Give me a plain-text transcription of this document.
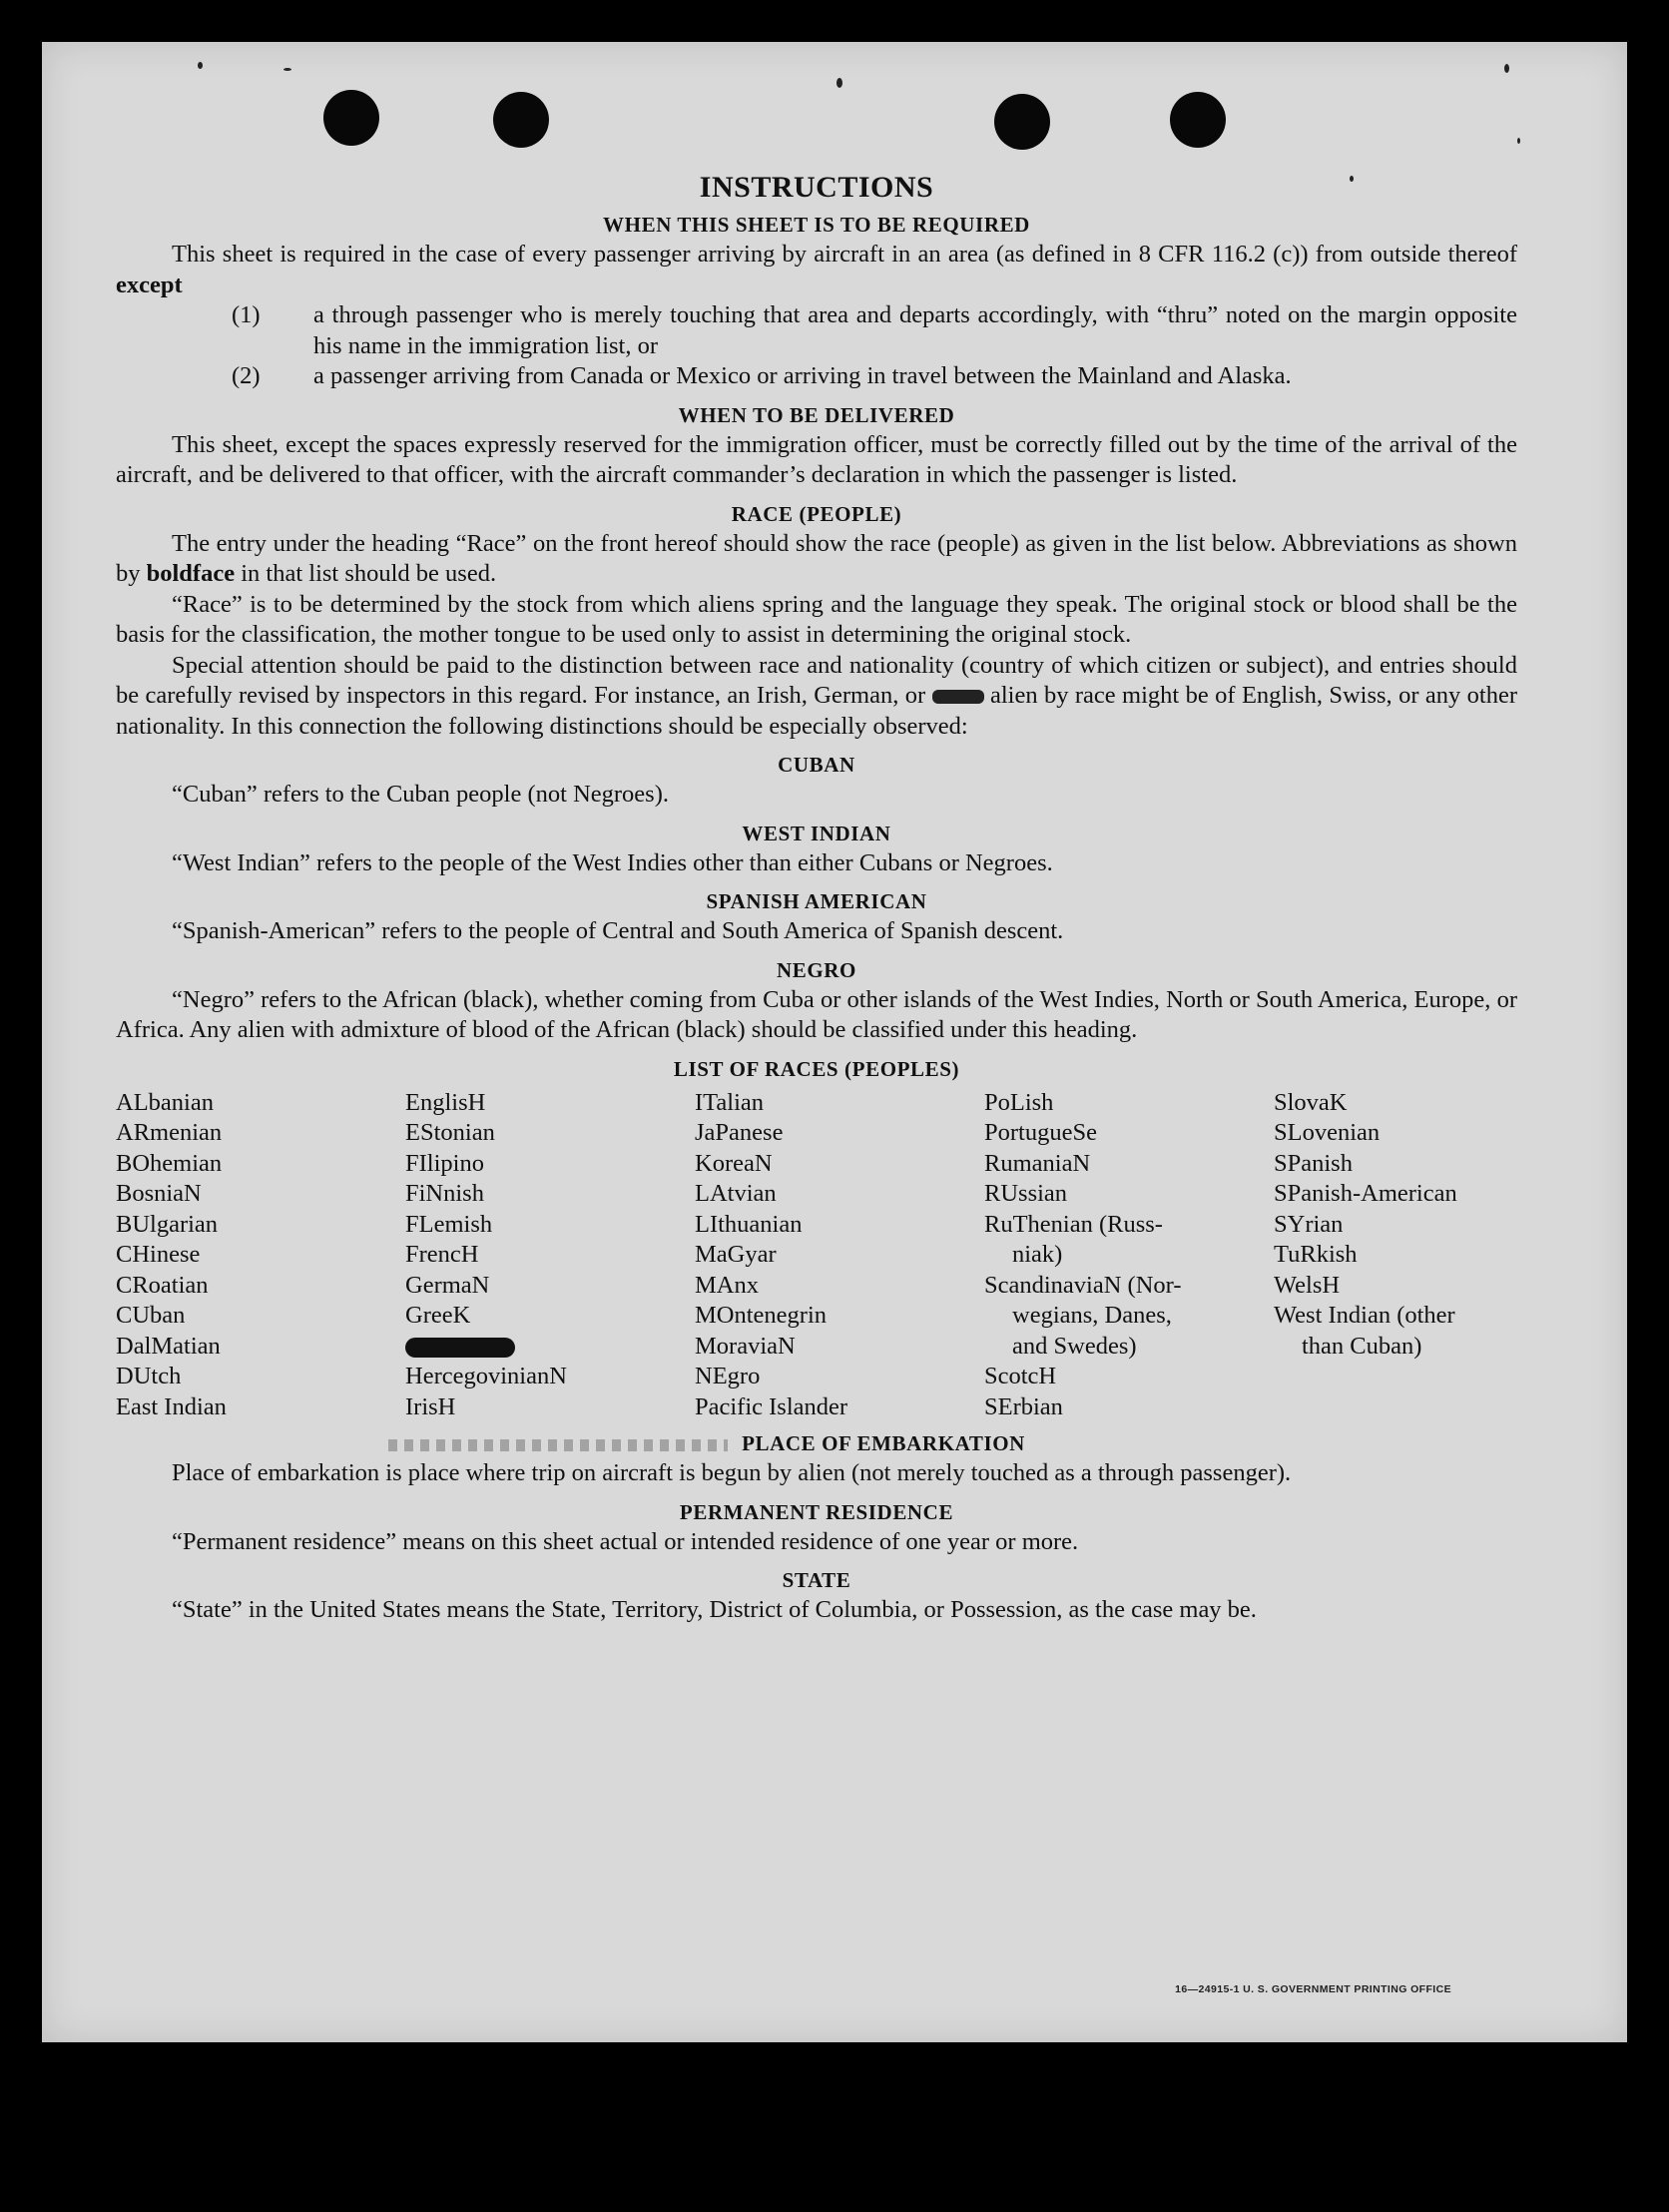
INSTRUCTIONS
WHEN THIS SHEET IS TO BE REQUIRED

This sheet is required in the case of every passenger arriving by aircraft in an area (as defined in 8 CFR 116.2 (c)) from outside thereof except

(1) a through passenger who is merely touching that area and departs accordingly, with “thru” noted on the margin opposite his name in the immigration list, or
(2) a passenger arriving from Canada or Mexico or arriving in travel between the Mainland and Alaska.
WHEN TO BE DELIVERED

This sheet, except the spaces expressly reserved for the immigration officer, must be correctly filled out by the time of the arrival of the aircraft, and be delivered to that officer, with the aircraft commander’s declaration in which the passenger is listed.

RACE (PEOPLE)

The entry under the heading “Race” on the front hereof should show the race (people) as given in the list below. Abbreviations as shown by boldface in that list should be used.

“Race” is to be determined by the stock from which aliens spring and the language they speak. The original stock or blood shall be the basis for the classification, the mother tongue to be used only to assist in determining the original stock.

Special attention should be paid to the distinction between race and nationality (country of which citizen or subject), and entries should be carefully revised by inspectors in this regard. For instance, an Irish, German, or  alien by race might be of English, Swiss, or any other nationality. In this connection the following distinctions should be especially observed:

CUBAN

“Cuban” refers to the Cuban people (not Negroes).

WEST INDIAN

“West Indian” refers to the people of the West Indies other than either Cubans or Negroes.

SPANISH AMERICAN

“Spanish-American” refers to the people of Central and South America of Spanish descent.

NEGRO

“Negro” refers to the African (black), whether coming from Cuba or other islands of the West Indies, North or South America, Europe, or Africa. Any alien with admixture of blood of the African (black) should be classified under this heading.

LIST OF RACES (PEOPLES)
ALbanian
ARmenian
BOhemian
BosniaN
BUlgarian
CHinese
CRoatian
CUban
DalMatian
DUtch
East Indian
EnglisH
EStonian
FIlipino
FiNnish
FLemish
FrencH
GermaN
GreeK
HercegovinianN
IrisH
ITalian
JaPanese
KoreaN
LAtvian
LIthuanian
MaGyar
MAnx
MOntenegrin
MoraviaN
NEgro
Pacific Islander
PoLish
PortugueSe
RumaniaN
RUssian
RuThenian (Russ-
niak)
ScandinaviaN (Nor-
wegians, Danes,
and Swedes)
ScotcH
SErbian
SlovaK
SLovenian
SPanish
SPanish-American
SYrian
TuRkish
WelsH
West Indian (other
than Cuban)
PLACE OF EMBARKATION

Place of embarkation is place where trip on aircraft is begun by alien (not merely touched as a through passenger).

PERMANENT RESIDENCE

“Permanent residence” means on this sheet actual or intended residence of one year or more.

STATE

“State” in the United States means the State, Territory, District of Columbia, or Possession, as the case may be.

16—24915-1 U. S. GOVERNMENT PRINTING OFFICE
